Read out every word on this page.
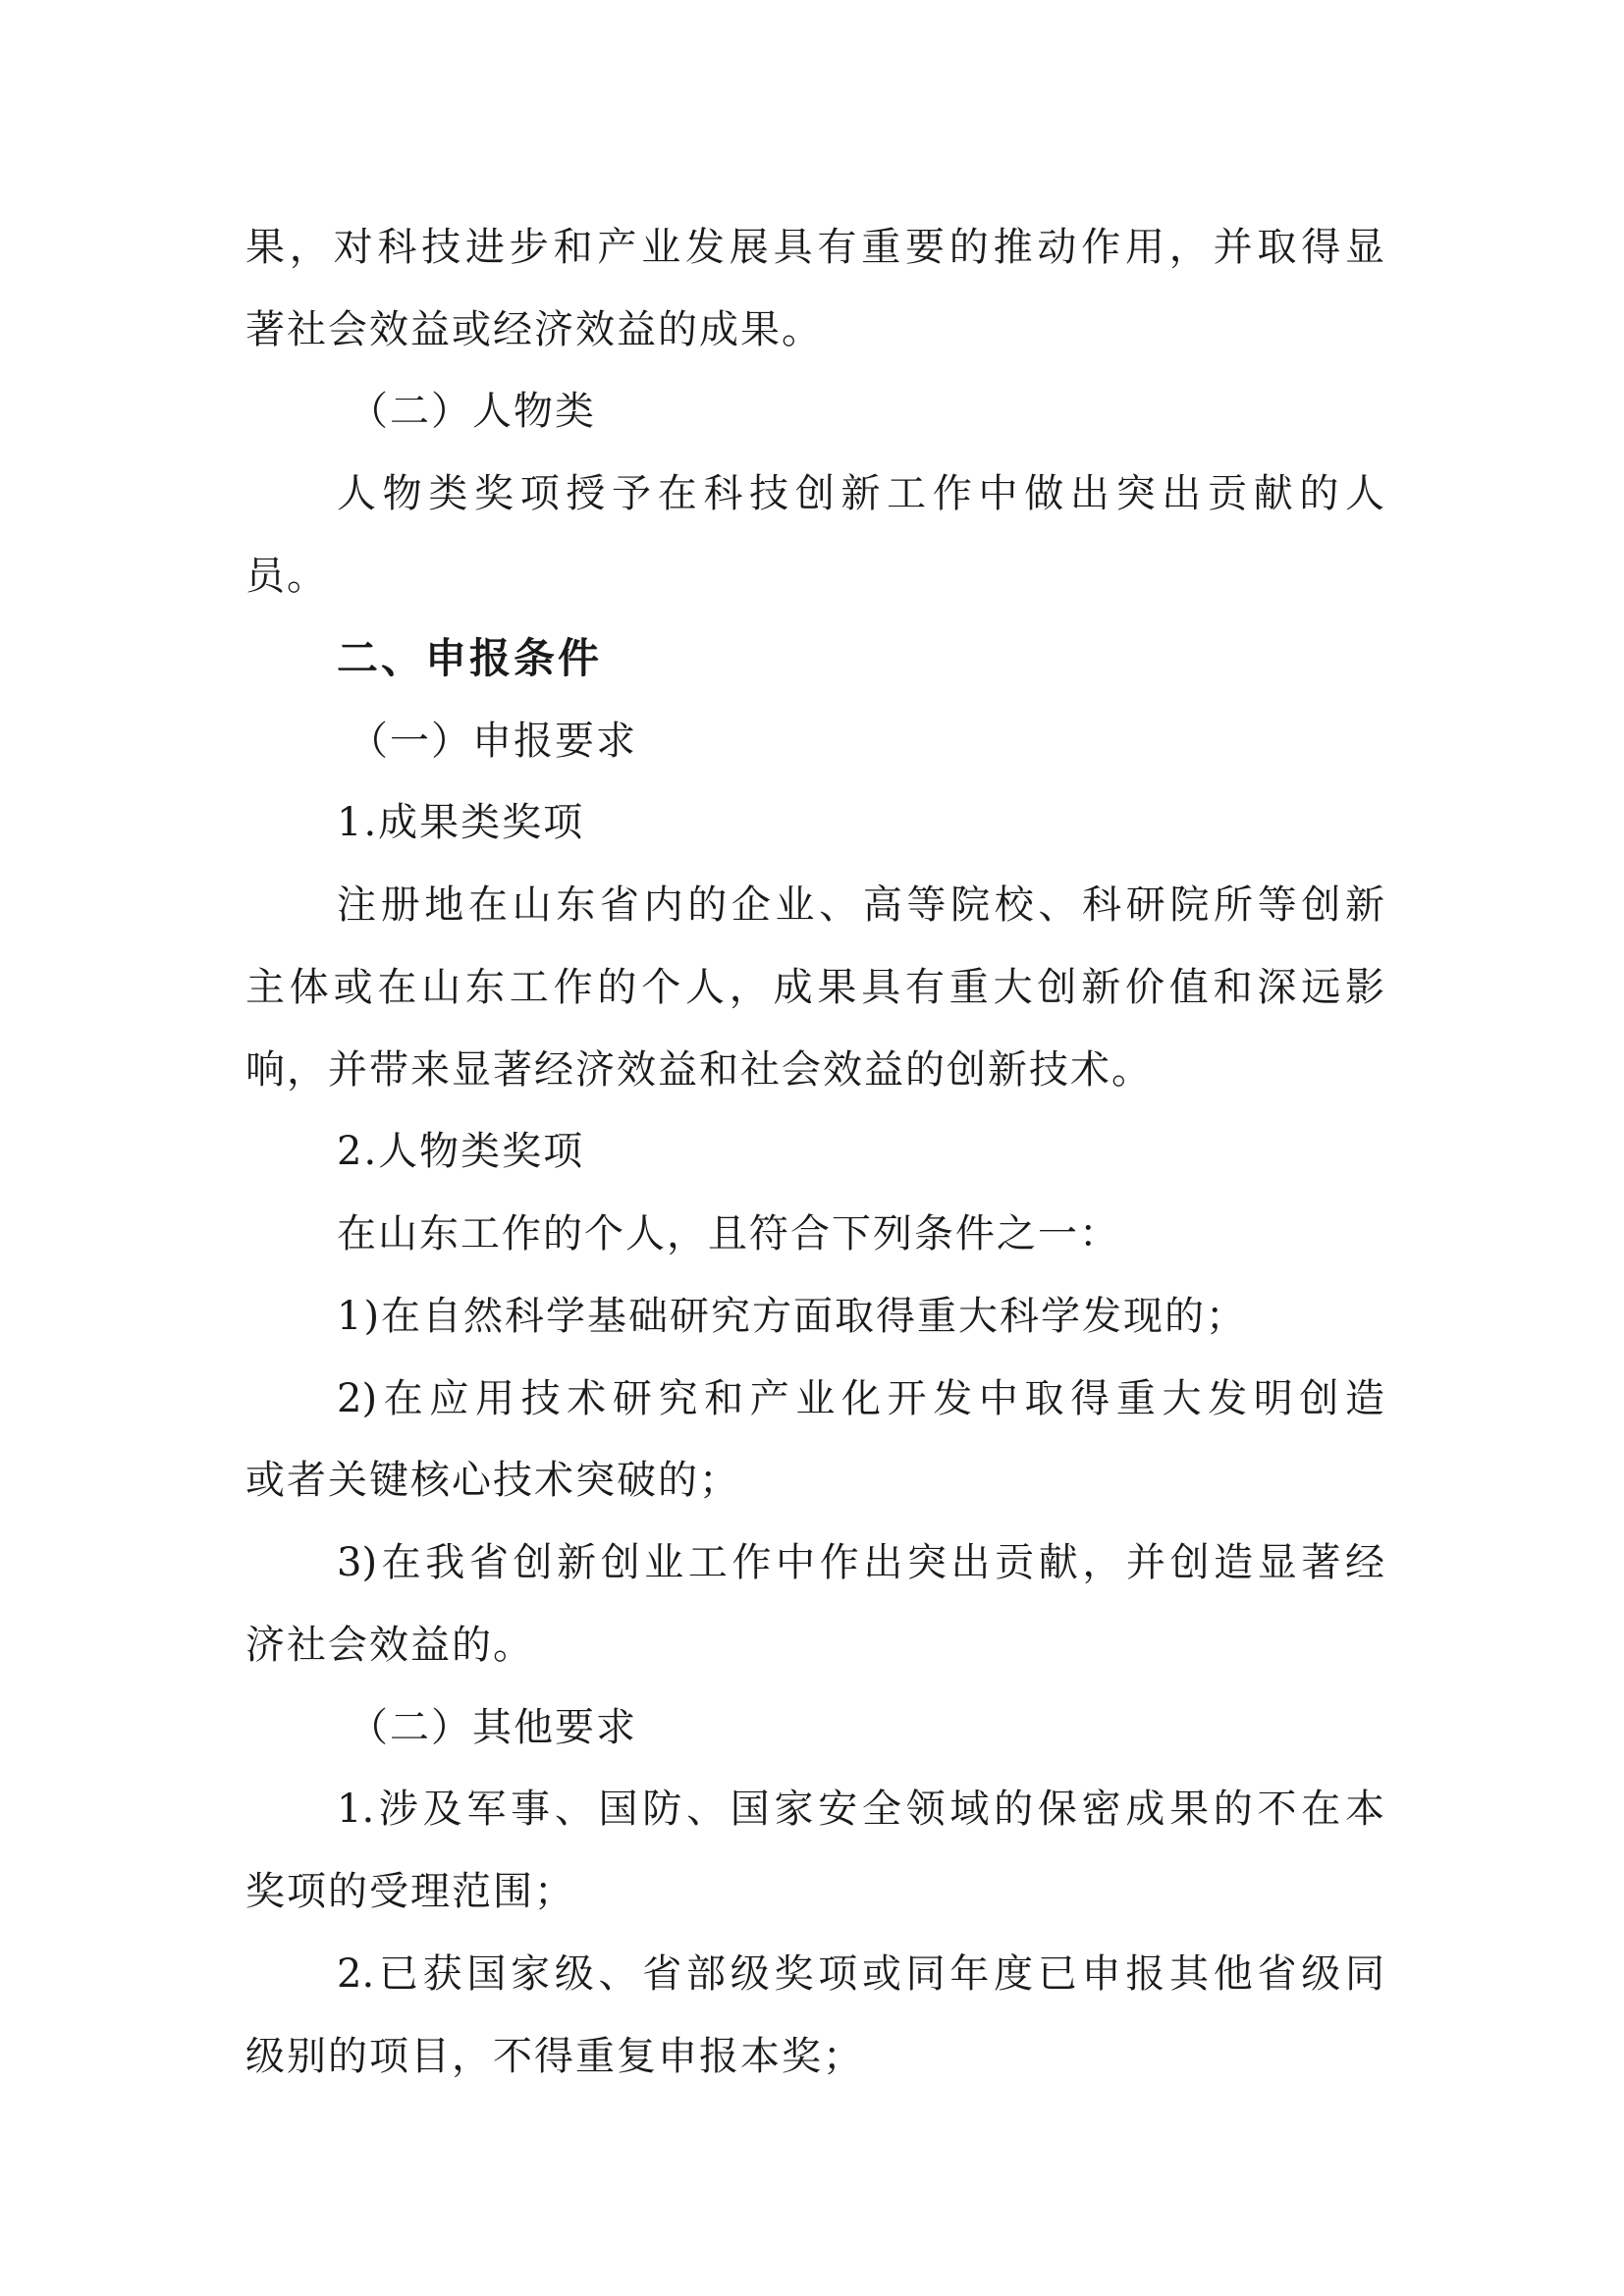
果，对科技进步和产业发展具有重要的推动作用，并取得显

著社会效益或经济效益的成果。

（二）人物类

人物类奖项授予在科技创新工作中做出突出贡献的人

员。

二、申报条件

（一）申报要求

1.成果类奖项

注册地在山东省内的企业、高等院校、科研院所等创新

主体或在山东工作的个人，成果具有重大创新价值和深远影

响，并带来显著经济效益和社会效益的创新技术。

2.人物类奖项

在山东工作的个人，且符合下列条件之一：

1)在自然科学基础研究方面取得重大科学发现的；

2)在应用技术研究和产业化开发中取得重大发明创造

或者关键核心技术突破的；

3)在我省创新创业工作中作出突出贡献，并创造显著经

济社会效益的。

（二）其他要求

1.涉及军事、国防、国家安全领域的保密成果的不在本

奖项的受理范围；

2.已获国家级、省部级奖项或同年度已申报其他省级同

级别的项目，不得重复申报本奖；
